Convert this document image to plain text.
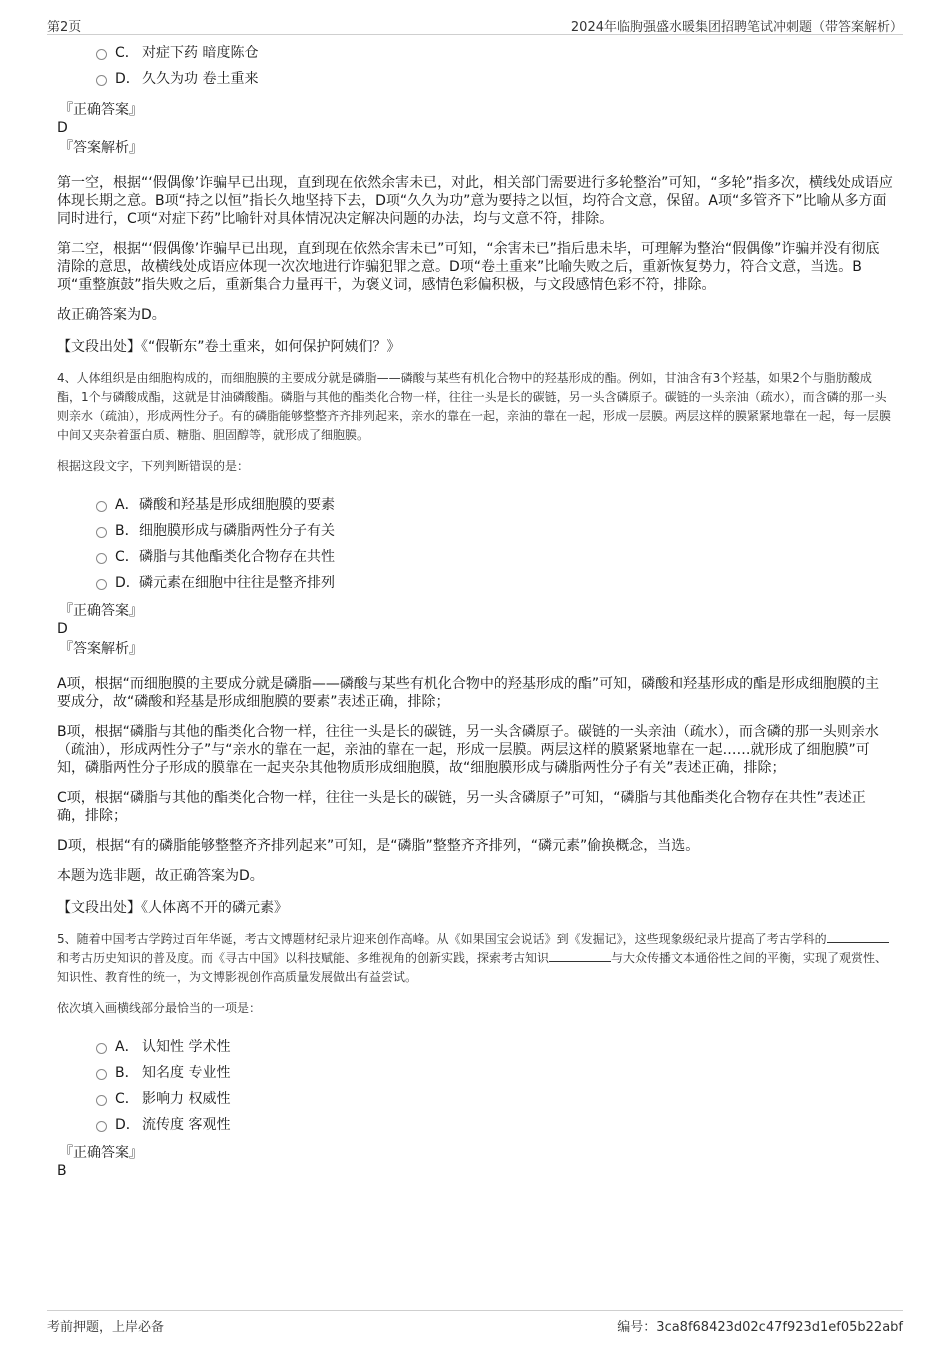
第2页	2024年临朐强盛水暖集团招聘笔试冲刺题（带答案解析）
C． 对症下药 暗度陈仓
D． 久久为功 卷土重来
『正确答案』
D
『答案解析』

第一空，根据“‘假偶像’诈骗早已出现，直到现在依然余害未已，对此，相关部门需要进行多轮整治”可知，“多轮”指多次，横线处成语应体现长期之意。B项“持之以恒”指长久地坚持下去，D项“久久为功”意为要持之以恒，均符合文意，保留。A项“多管齐下”比喻从多方面同时进行，C项“对症下药”比喻针对具体情况决定解决问题的办法，均与文意不符，排除。

第二空，根据“‘假偶像’诈骗早已出现，直到现在依然余害未已”可知，“余害未已”指后患未毕，可理解为整治“假偶像”诈骗并没有彻底清除的意思，故横线处成语应体现一次次地进行诈骗犯罪之意。D项“卷土重来”比喻失败之后，重新恢复势力，符合文意，当选。B项“重整旗鼓”指失败之后，重新集合力量再干，为褒义词，感情色彩偏积极，与文段感情色彩不符，排除。

故正确答案为D。

【文段出处】《“假靳东”卷土重来，如何保护阿姨们？》

4、人体组织是由细胞构成的，而细胞膜的主要成分就是磷脂——磷酸与某些有机化合物中的羟基形成的酯。例如，甘油含有3个羟基，如果2个与脂肪酸成酯，1个与磷酸成酯，这就是甘油磷酸酯。磷脂与其他的酯类化合物一样，往往一头是长的碳链，另一头含磷原子。碳链的一头亲油（疏水），而含磷的那一头则亲水（疏油），形成两性分子。有的磷脂能够整整齐齐排列起来，亲水的靠在一起，亲油的靠在一起，形成一层膜。两层这样的膜紧紧地靠在一起，每一层膜中间又夹杂着蛋白质、糖脂、胆固醇等，就形成了细胞膜。

根据这段文字，下列判断错误的是：

A． 磷酸和羟基是形成细胞膜的要素
B． 细胞膜形成与磷脂两性分子有关
C． 磷脂与其他酯类化合物存在共性
D． 磷元素在细胞中往往是整齐排列
『正确答案』
D
『答案解析』

A项，根据“而细胞膜的主要成分就是磷脂——磷酸与某些有机化合物中的羟基形成的酯”可知，磷酸和羟基形成的酯是形成细胞膜的主要成分，故“磷酸和羟基是形成细胞膜的要素”表述正确，排除；

B项，根据“磷脂与其他的酯类化合物一样，往往一头是长的碳链，另一头含磷原子。碳链的一头亲油（疏水），而含磷的那一头则亲水（疏油），形成两性分子”与“亲水的靠在一起，亲油的靠在一起，形成一层膜。两层这样的膜紧紧地靠在一起……就形成了细胞膜”可知，磷脂两性分子形成的膜靠在一起夹杂其他物质形成细胞膜，故“细胞膜形成与磷脂两性分子有关”表述正确，排除；

C项，根据“磷脂与其他的酯类化合物一样，往往一头是长的碳链，另一头含磷原子”可知，“磷脂与其他酯类化合物存在共性”表述正确，排除；

D项，根据“有的磷脂能够整整齐齐排列起来”可知，是“磷脂”整整齐齐排列，“磷元素”偷换概念，当选。

本题为选非题，故正确答案为D。

【文段出处】《人体离不开的磷元素》

5、随着中国考古学跨过百年华诞，考古文博题材纪录片迎来创作高峰。从《如果国宝会说话》到《发掘记》，这些现象级纪录片提高了考古学科的和考古历史知识的普及度。而《寻古中国》以科技赋能、多维视角的创新实践，探索考古知识	与大众传播文本通俗性之间的平衡，实现了观赏性、知识性、教育性的统一，为文博影视创作高质量发展做出有益尝试。

依次填入画横线部分最恰当的一项是：

A． 认知性 学术性
B． 知名度 专业性
C． 影响力 权威性
D． 流传度 客观性
『正确答案』
B
考前押题，上岸必备	编号：3ca8f68423d02c47f923d1ef05b22abf
